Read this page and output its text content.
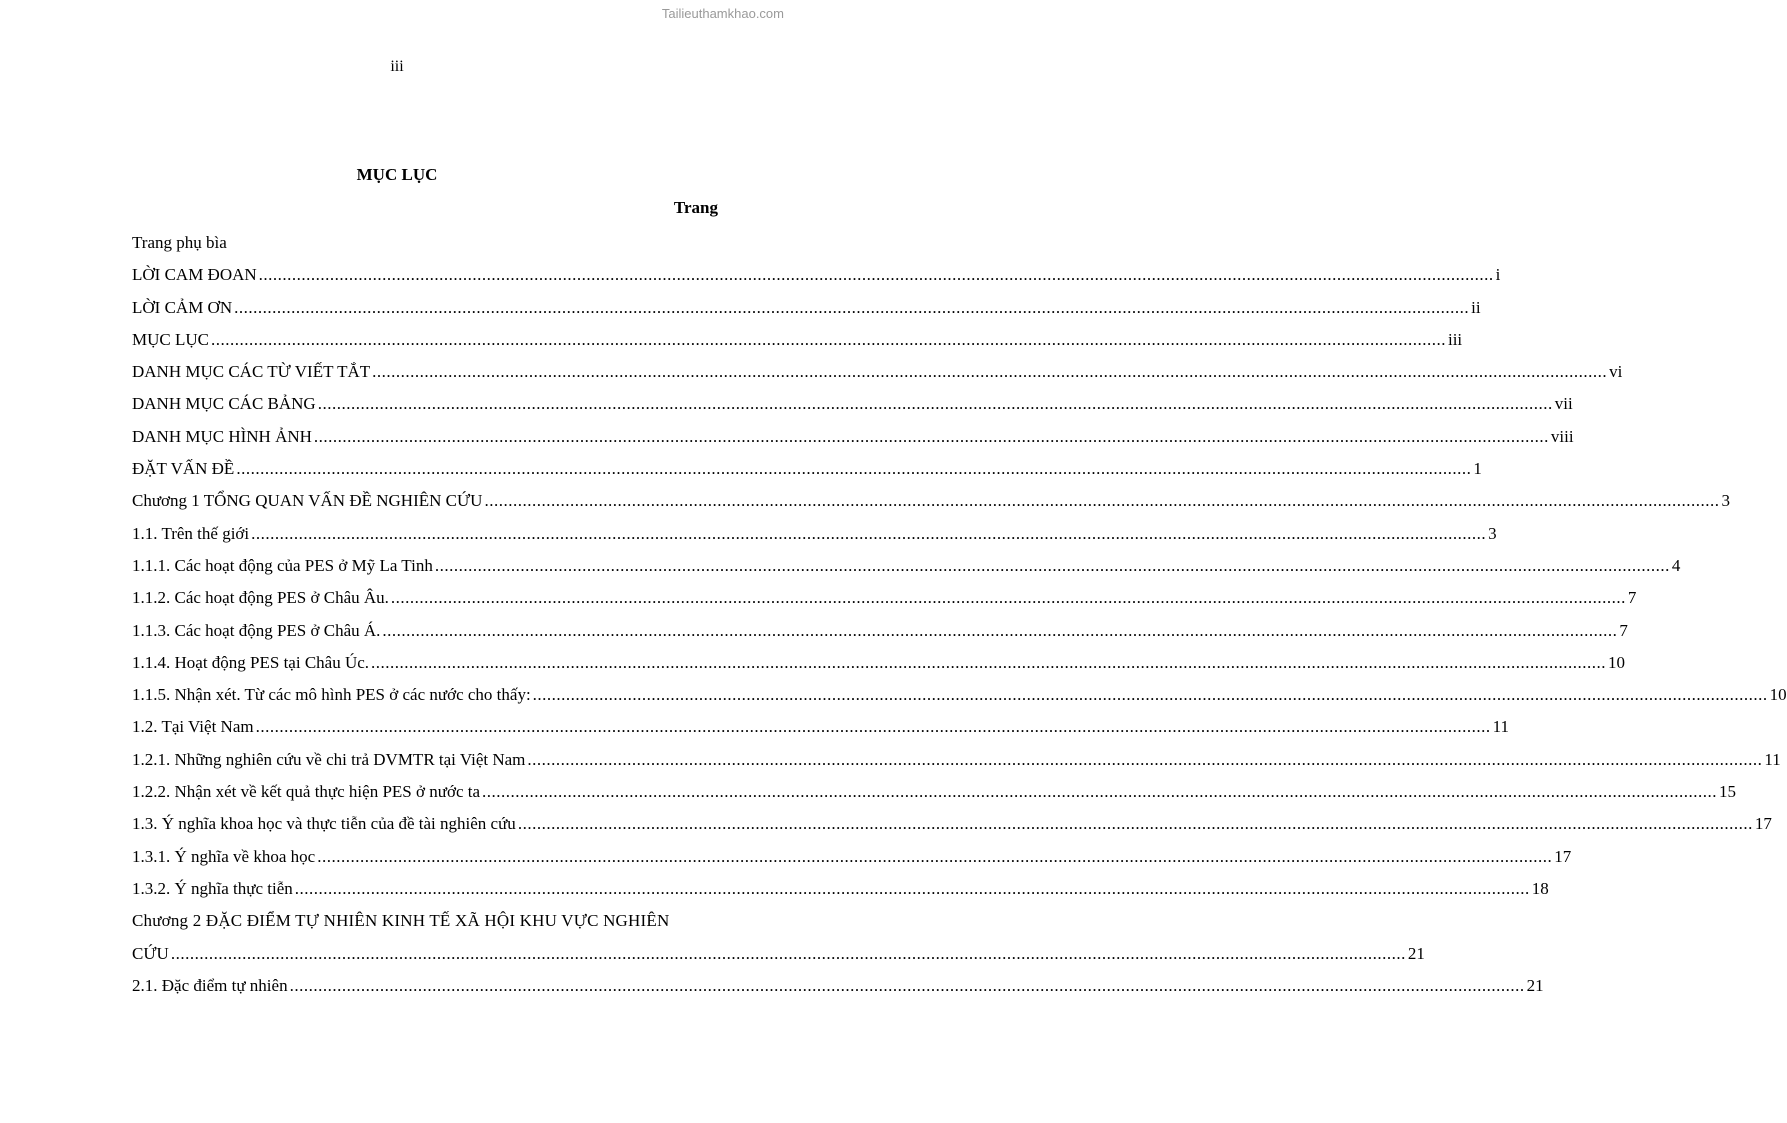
Tailieuthamkhao.com
iii
MỤC LỤC
Trang
Trang phụ bìa
LỜI CAM ĐOAN .................................................................................................................................................................................................................................................................... i
LỜI CẢM ƠN .................................................................................................................................................................................................................................................................... ii
MỤC LỤC .................................................................................................................................................................................................................................................................... iii
DANH MỤC CÁC TỪ VIẾT TẮT .................................................................................................................................................................................................................................................................... vi
DANH MỤC CÁC BẢNG .................................................................................................................................................................................................................................................................... vii
DANH MỤC HÌNH ẢNH .................................................................................................................................................................................................................................................................... viii
ĐẶT VẤN ĐỀ .................................................................................................................................................................................................................................................................... 1
Chương 1 TỔNG QUAN VẤN ĐỀ NGHIÊN CỨU .................................................................................................................................................................................................................................................................... 3
1.1. Trên thế giới .................................................................................................................................................................................................................................................................... 3
1.1.1. Các hoạt động của PES ở Mỹ La Tinh .................................................................................................................................................................................................................................................................... 4
1.1.2. Các hoạt động PES ở Châu Âu. .................................................................................................................................................................................................................................................................... 7
1.1.3. Các hoạt động PES ở Châu Á. .................................................................................................................................................................................................................................................................... 7
1.1.4. Hoạt động PES tại Châu Úc. .................................................................................................................................................................................................................................................................... 10
1.1.5. Nhận xét. Từ các mô hình PES ở các nước cho thấy: .................................................................................................................................................................................................................................................................... 10
1.2. Tại Việt Nam .................................................................................................................................................................................................................................................................... 11
1.2.1. Những nghiên cứu về chi trả DVMTR tại Việt Nam .................................................................................................................................................................................................................................................................... 11
1.2.2. Nhận xét về kết quả thực hiện PES ở nước ta .................................................................................................................................................................................................................................................................... 15
1.3. Ý nghĩa khoa học và thực tiễn của đề tài nghiên cứu .................................................................................................................................................................................................................................................................... 17
1.3.1. Ý nghĩa về khoa học .................................................................................................................................................................................................................................................................... 17
1.3.2. Ý nghĩa thực tiễn .................................................................................................................................................................................................................................................................... 18
Chương 2 ĐẶC ĐIỂM TỰ NHIÊN KINH TẾ XÃ HỘI KHU VỰC NGHIÊN
CỨU .................................................................................................................................................................................................................................................................... 21
2.1. Đặc điểm tự nhiên .................................................................................................................................................................................................................................................................... 21
